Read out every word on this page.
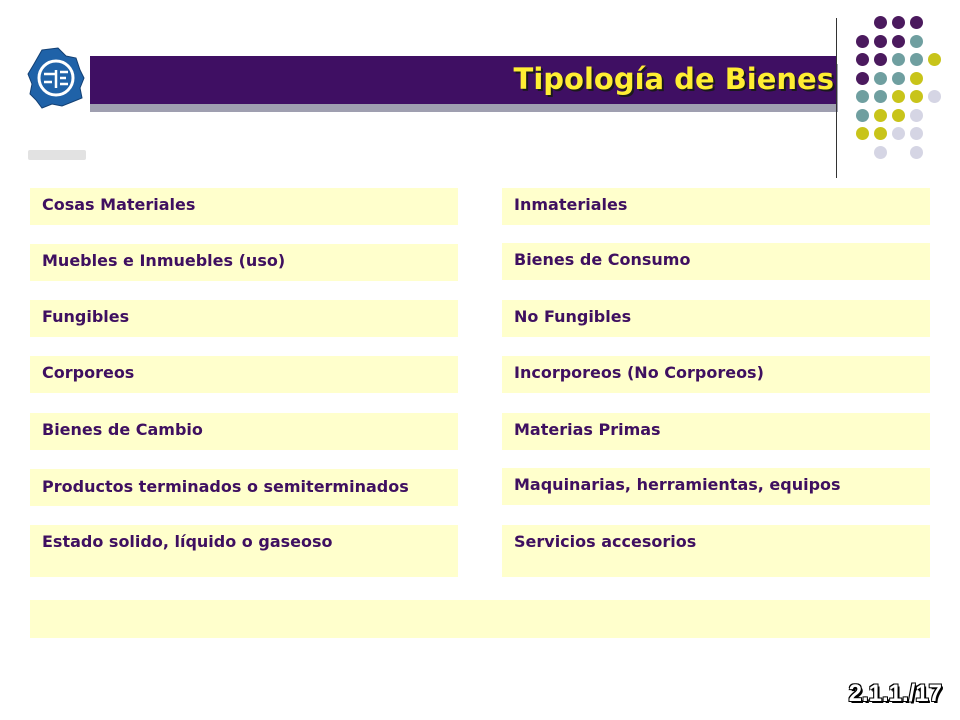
Tipología de Bienes
Cosas Materiales
Muebles e Inmuebles (uso)
Fungibles
Corporeos
Bienes de Cambio
Productos terminados o semiterminados
Estado solido, líquido o gaseoso
Inmateriales
Bienes de Consumo
No Fungibles
Incorporeos (No Corporeos)
Materias Primas
Maquinarias, herramientas, equipos
Servicios accesorios
2.1.1./17
